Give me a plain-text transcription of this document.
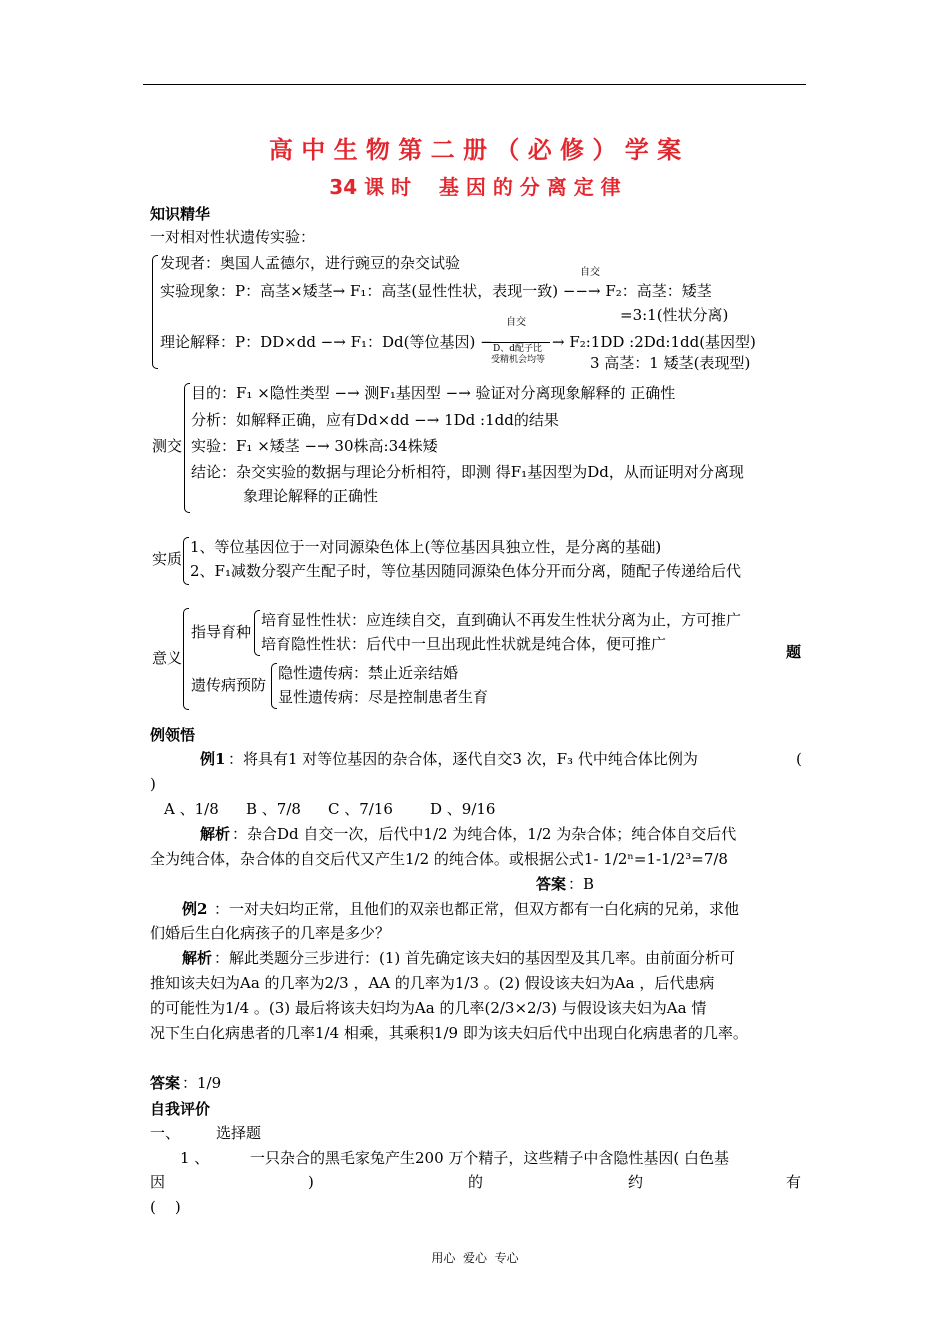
高 中 生 物 第 二 册 （ 必 修 ） 学 案
34 课 时    基 因 的 分 离 定 律
知识精华
一对相对性状遗传实验：
发现者：奥国人孟德尔，进行豌豆的杂交试验
自交
实验现象：P：高茎×矮茎→ F₁：高茎(显性性状，表现一致) −−→ F₂：高茎：矮茎
=3:1(性状分离)
自交
理论解释：P：DD×dd −→ F₁：Dd(等位基因) − D、d配子比
受精机会均等
→ F₂:1DD :2Dd:1dd(基因型)
3 高茎：1 矮茎(表现型)
测交
目的：F₁ ×隐性类型 −→ 测F₁基因型 −→ 验证对分离现象解释的 正确性
分析：如解释正确，应有Dd×dd −→ 1Dd :1dd的结果
实验：F₁ ×矮茎 −→ 30株高:34株矮
结论：杂交实验的数据与理论分析相符，即测 得F₁基因型为Dd，从而证明对分离现
象理论解释的正确性
实质
1、等位基因位于一对同源染色体上(等位基因具独立性，是分离的基础)
2、F₁减数分裂产生配子时，等位基因随同源染色体分开而分离，随配子传递给后代
意义
指导育种
培育显性性状：应连续自交，直到确认不再发生性状分离为止，方可推广
培育隐性性状：后代中一旦出现此性状就是纯合体，便可推广	题
遗传病预防
隐性遗传病：禁止近亲结婚
显性遗传病：尽是控制患者生育
例领悟
例1 ：将具有1 对等位基因的杂合体，逐代自交3 次，F₃ 代中纯合体比例为	(
)
A 、1/8 B 、7/8 C 、7/16 D 、9/16
解析 ：杂合Dd 自交一次，后代中1/2 为纯合体，1/2 为杂合体；纯合体自交后代
全为纯合体，杂合体的自交后代又产生1/2 的纯合体。或根据公式1- 1/2ⁿ=1-1/2³=7/8
答案 ：B
例2 ：一对夫妇均正常，且他们的双亲也都正常，但双方都有一白化病的兄弟，求他
们婚后生白化病孩子的几率是多少？
解析 ：解此类题分三步进行：(1) 首先确定该夫妇的基因型及其几率。由前面分析可
推知该夫妇为Aa 的几率为2/3 ，AA 的几率为1/3 。(2) 假设该夫妇为Aa ，后代患病
的可能性为1/4 。(3) 最后将该夫妇均为Aa 的几率(2/3×2/3) 与假设该夫妇为Aa 情
况下生白化病患者的几率1/4 相乘，其乘积1/9 即为该夫妇后代中出现白化病患者的几率。
答案 ：1/9
自我评价
一、 选择题
1 、	一只杂合的黑毛家兔产生200 万个精子，这些精子中含隐性基因( 白色基
因	)	的	约	有
(    )
用心  爱心  专心
